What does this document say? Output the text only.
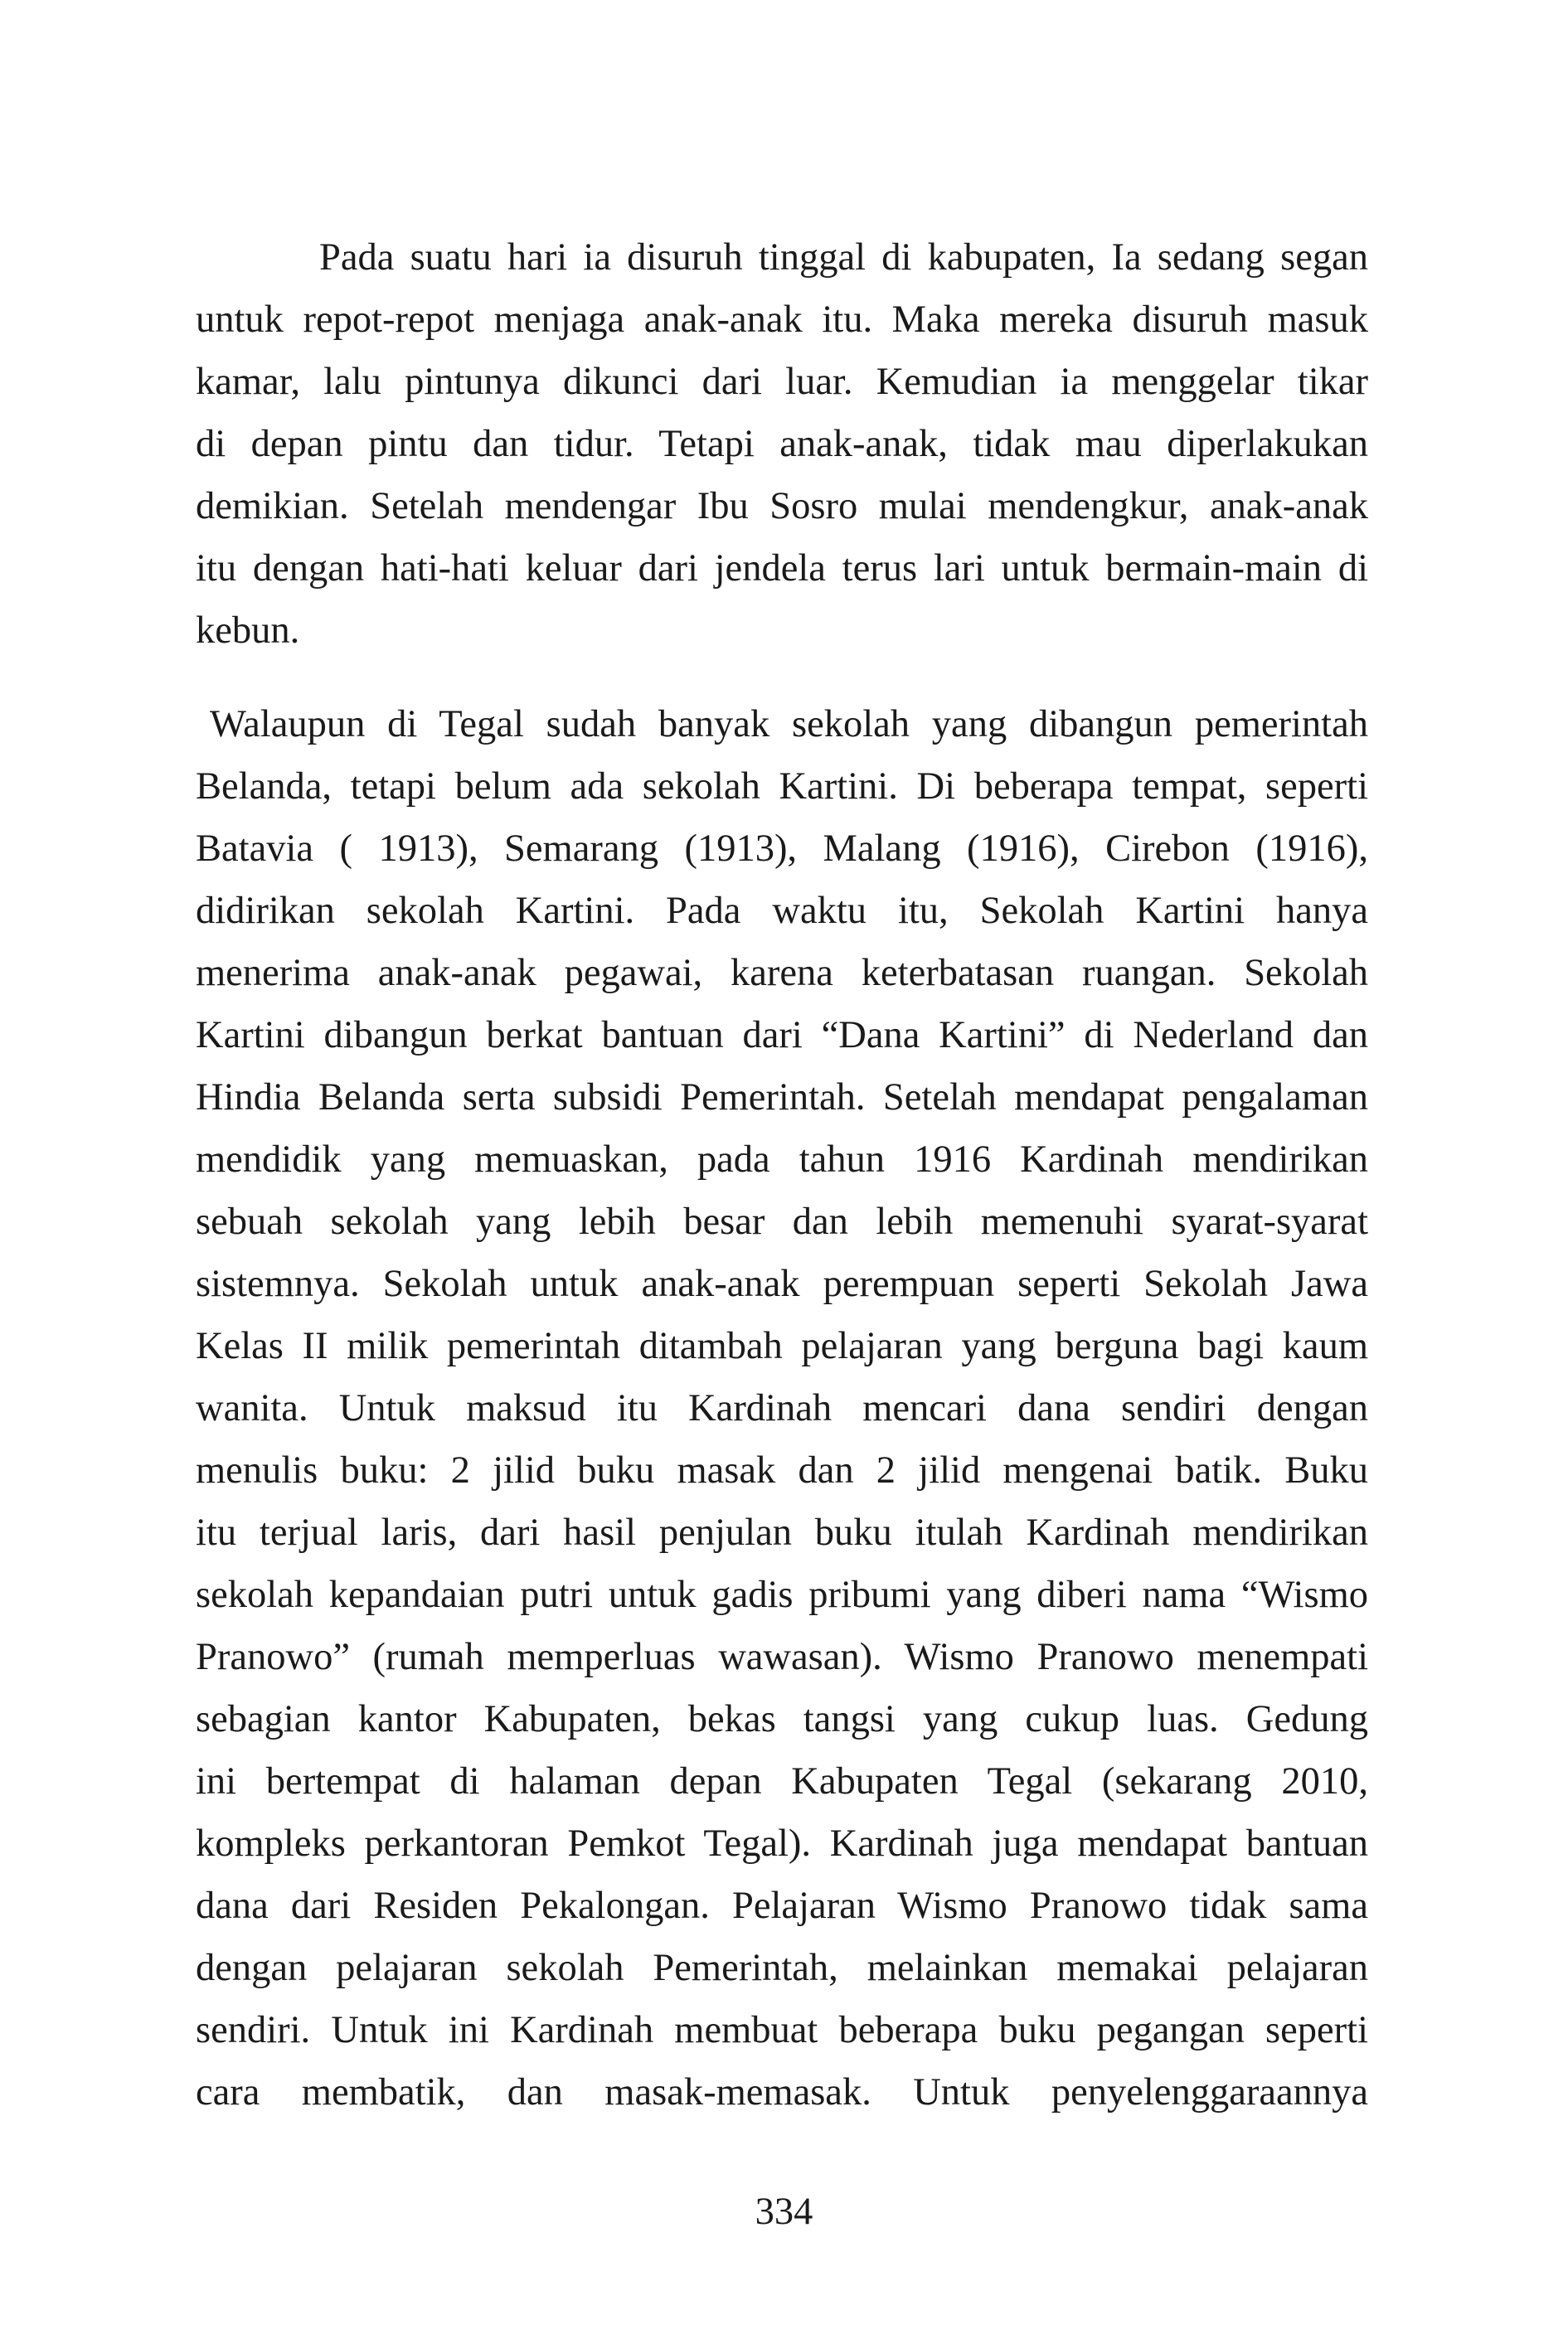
Pada suatu hari ia disuruh tinggal di kabupaten, Ia sedang segan
untuk repot-repot menjaga anak-anak itu. Maka mereka disuruh masuk
kamar, lalu pintunya dikunci dari luar. Kemudian ia menggelar tikar
di depan pintu dan tidur. Tetapi anak-anak, tidak mau diperlakukan
demikian. Setelah mendengar Ibu Sosro mulai mendengkur, anak-anak
itu dengan hati-hati keluar dari jendela terus lari untuk bermain-main di
kebun.
Walaupun di Tegal sudah banyak sekolah yang dibangun pemerintah
Belanda, tetapi belum ada sekolah Kartini. Di beberapa tempat, seperti
Batavia ( 1913), Semarang (1913), Malang (1916), Cirebon (1916),
didirikan sekolah Kartini. Pada waktu itu, Sekolah Kartini hanya
menerima anak-anak pegawai, karena keterbatasan ruangan. Sekolah
Kartini dibangun berkat bantuan dari “Dana Kartini” di Nederland dan
Hindia Belanda serta subsidi Pemerintah. Setelah mendapat pengalaman
mendidik yang memuaskan, pada tahun 1916 Kardinah mendirikan
sebuah sekolah yang lebih besar dan lebih memenuhi syarat-syarat
sistemnya. Sekolah untuk anak-anak perempuan seperti Sekolah Jawa
Kelas II milik pemerintah ditambah pelajaran yang berguna bagi kaum
wanita. Untuk maksud itu Kardinah mencari dana sendiri dengan
menulis buku: 2 jilid buku masak dan 2 jilid mengenai batik. Buku
itu terjual laris, dari hasil penjulan buku itulah Kardinah mendirikan
sekolah kepandaian putri untuk gadis pribumi yang diberi nama “Wismo
Pranowo” (rumah memperluas wawasan). Wismo Pranowo menempati
sebagian kantor Kabupaten, bekas tangsi yang cukup luas. Gedung
ini bertempat di halaman depan Kabupaten Tegal (sekarang 2010,
kompleks perkantoran Pemkot Tegal). Kardinah juga mendapat bantuan
dana dari Residen Pekalongan. Pelajaran Wismo Pranowo tidak sama
dengan pelajaran sekolah Pemerintah, melainkan memakai pelajaran
sendiri. Untuk ini Kardinah membuat beberapa buku pegangan seperti
cara membatik, dan masak-memasak. Untuk penyelenggaraannya
334
